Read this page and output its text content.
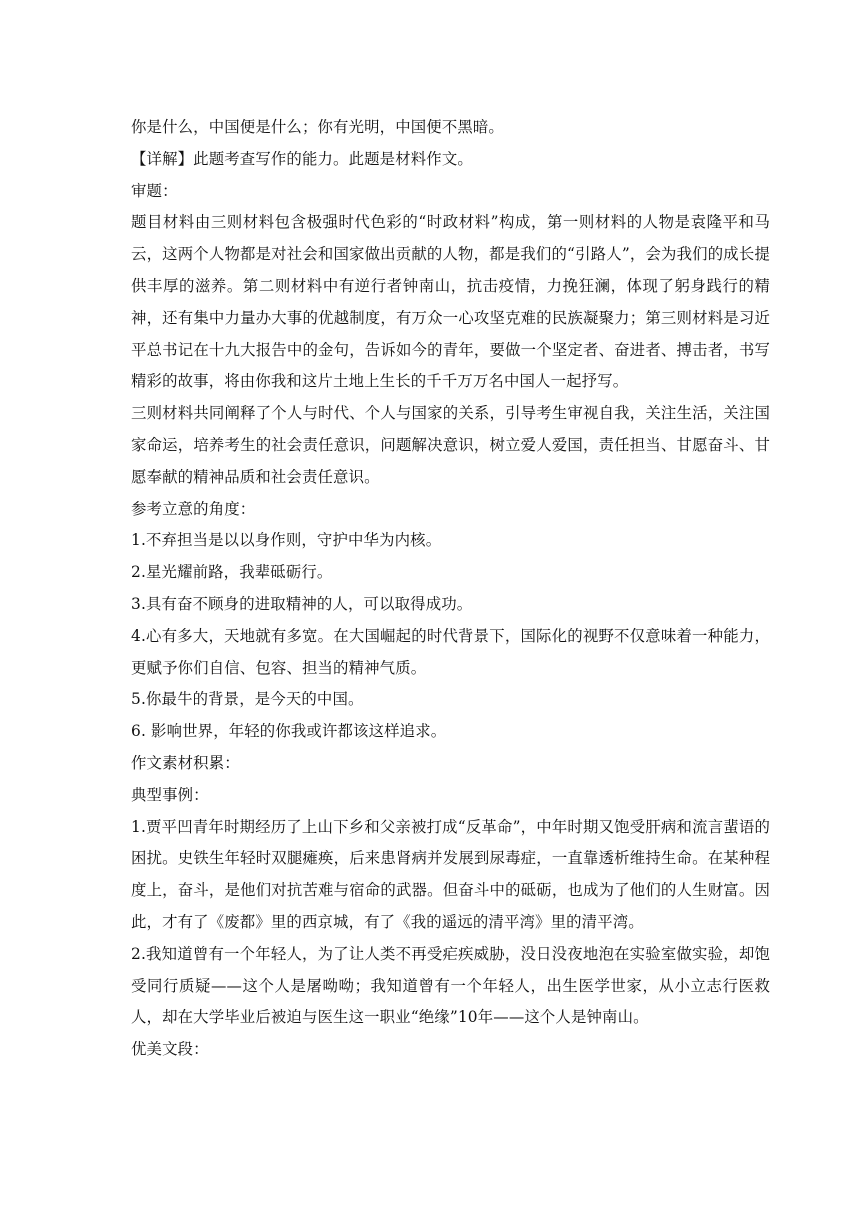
你是什么，中国便是什么；你有光明，中国便不黑暗。

【详解】此题考查写作的能力。此题是材料作文。

审题：

题目材料由三则材料包含极强时代色彩的“时政材料”构成，第一则材料的人物是袁隆平和马云，这两个人物都是对社会和国家做出贡献的人物，都是我们的“引路人”，会为我们的成长提供丰厚的滋养。第二则材料中有逆行者钟南山，抗击疫情，力挽狂澜，体现了躬身践行的精神，还有集中力量办大事的优越制度，有万众一心攻坚克难的民族凝聚力；第三则材料是习近平总书记在十九大报告中的金句，告诉如今的青年，要做一个坚定者、奋进者、搏击者，书写精彩的故事，将由你我和这片土地上生长的千千万万名中国人一起抒写。

三则材料共同阐释了个人与时代、个人与国家的关系，引导考生审视自我，关注生活，关注国家命运，培养考生的社会责任意识，问题解决意识，树立爱人爱国，责任担当、甘愿奋斗、甘愿奉献的精神品质和社会责任意识。

参考立意的角度：

1.不弃担当是以以身作则，守护中华为内核。

2.星光耀前路，我辈砥砺行。

3.具有奋不顾身的进取精神的人，可以取得成功。

4.心有多大，天地就有多宽。在大国崛起的时代背景下，国际化的视野不仅意味着一种能力，更赋予你们自信、包容、担当的精神气质。

5.你最牛的背景，是今天的中国。

6. 影响世界，年轻的你我或许都该这样追求。

作文素材积累：

典型事例：

1.贾平凹青年时期经历了上山下乡和父亲被打成“反革命”，中年时期又饱受肝病和流言蜚语的困扰。史铁生年轻时双腿瘫痪，后来患肾病并发展到尿毒症，一直靠透析维持生命。在某种程度上，奋斗，是他们对抗苦难与宿命的武器。但奋斗中的砥砺，也成为了他们的人生财富。因此，才有了《废都》里的西京城，有了《我的遥远的清平湾》里的清平湾。

2.我知道曾有一个年轻人，为了让人类不再受疟疾威胁，没日没夜地泡在实验室做实验，却饱受同行质疑——这个人是屠呦呦；我知道曾有一个年轻人，出生医学世家，从小立志行医救人，却在大学毕业后被迫与医生这一职业“绝缘”10年——这个人是钟南山。

优美文段：
